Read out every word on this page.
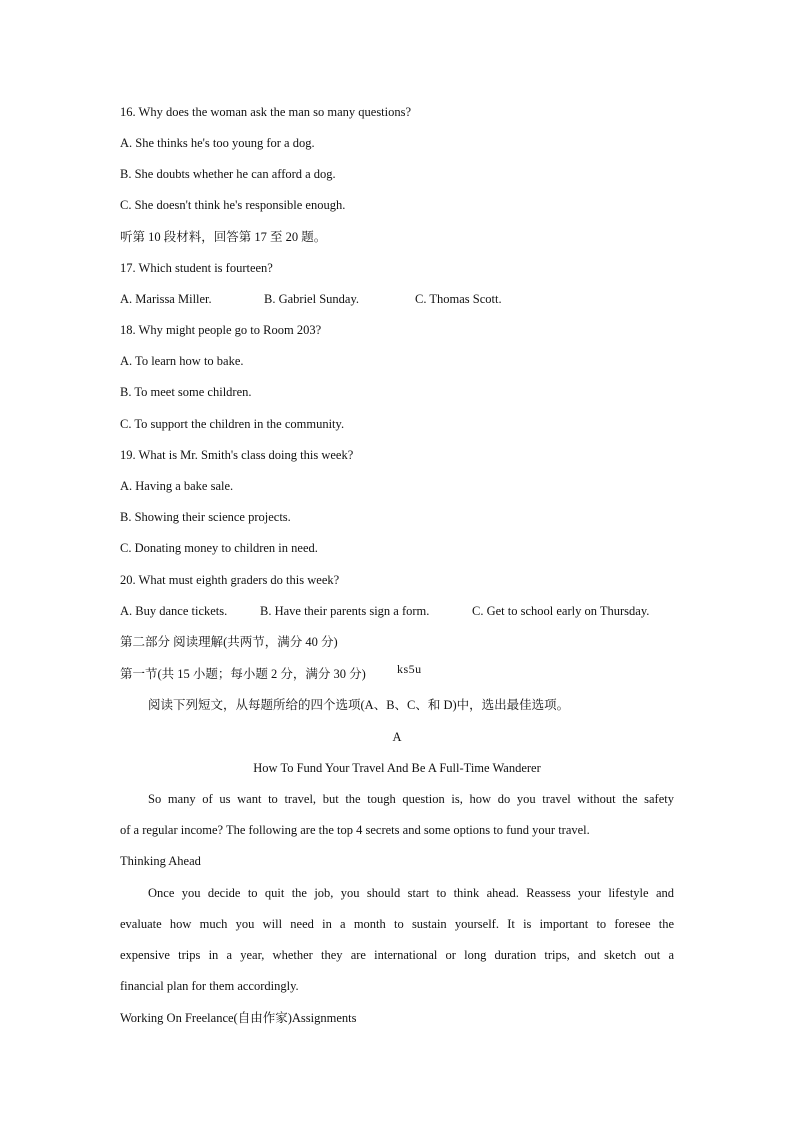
16. Why does the woman ask the man so many questions?
A. She thinks he's too young for a dog.
B. She doubts whether he can afford a dog.
C. She doesn't think he's responsible enough.
听第 10 段材料，回答第 17 至 20 题。
17. Which student is fourteen?
A. Marissa Miller.	B. Gabriel Sunday.	C. Thomas Scott.
18. Why might people go to Room 203?
A. To learn how to bake.
B. To meet some children.
C. To support the children in the community.
19. What is Mr. Smith's class doing this week?
A. Having a bake sale.
B. Showing their science projects.
C. Donating money to children in need.
20. What must eighth graders do this week?
A. Buy dance tickets.	B. Have their parents sign a form.	C. Get to school early on Thursday.
第二部分 阅读理解(共两节，满分 40 分)
第一节(共 15 小题；每小题 2 分，满分 30 分)	ks5u
阅读下列短文，从每题所给的四个选项(A、B、C、和 D)中，选出最佳选项。
A
How To Fund Your Travel And Be A Full-Time Wanderer
So many of us want to travel, but the tough question is, how do you travel without the safety
of a regular income? The following are the top 4 secrets and some options to fund your travel.
Thinking Ahead
Once you decide to quit the job, you should start to think ahead. Reassess your lifestyle and
evaluate how much you will need in a month to sustain yourself. It is important to foresee the
expensive trips in a year, whether they are international or long duration trips, and sketch out a
financial plan for them accordingly.
Working On Freelance(自由作家)Assignments
